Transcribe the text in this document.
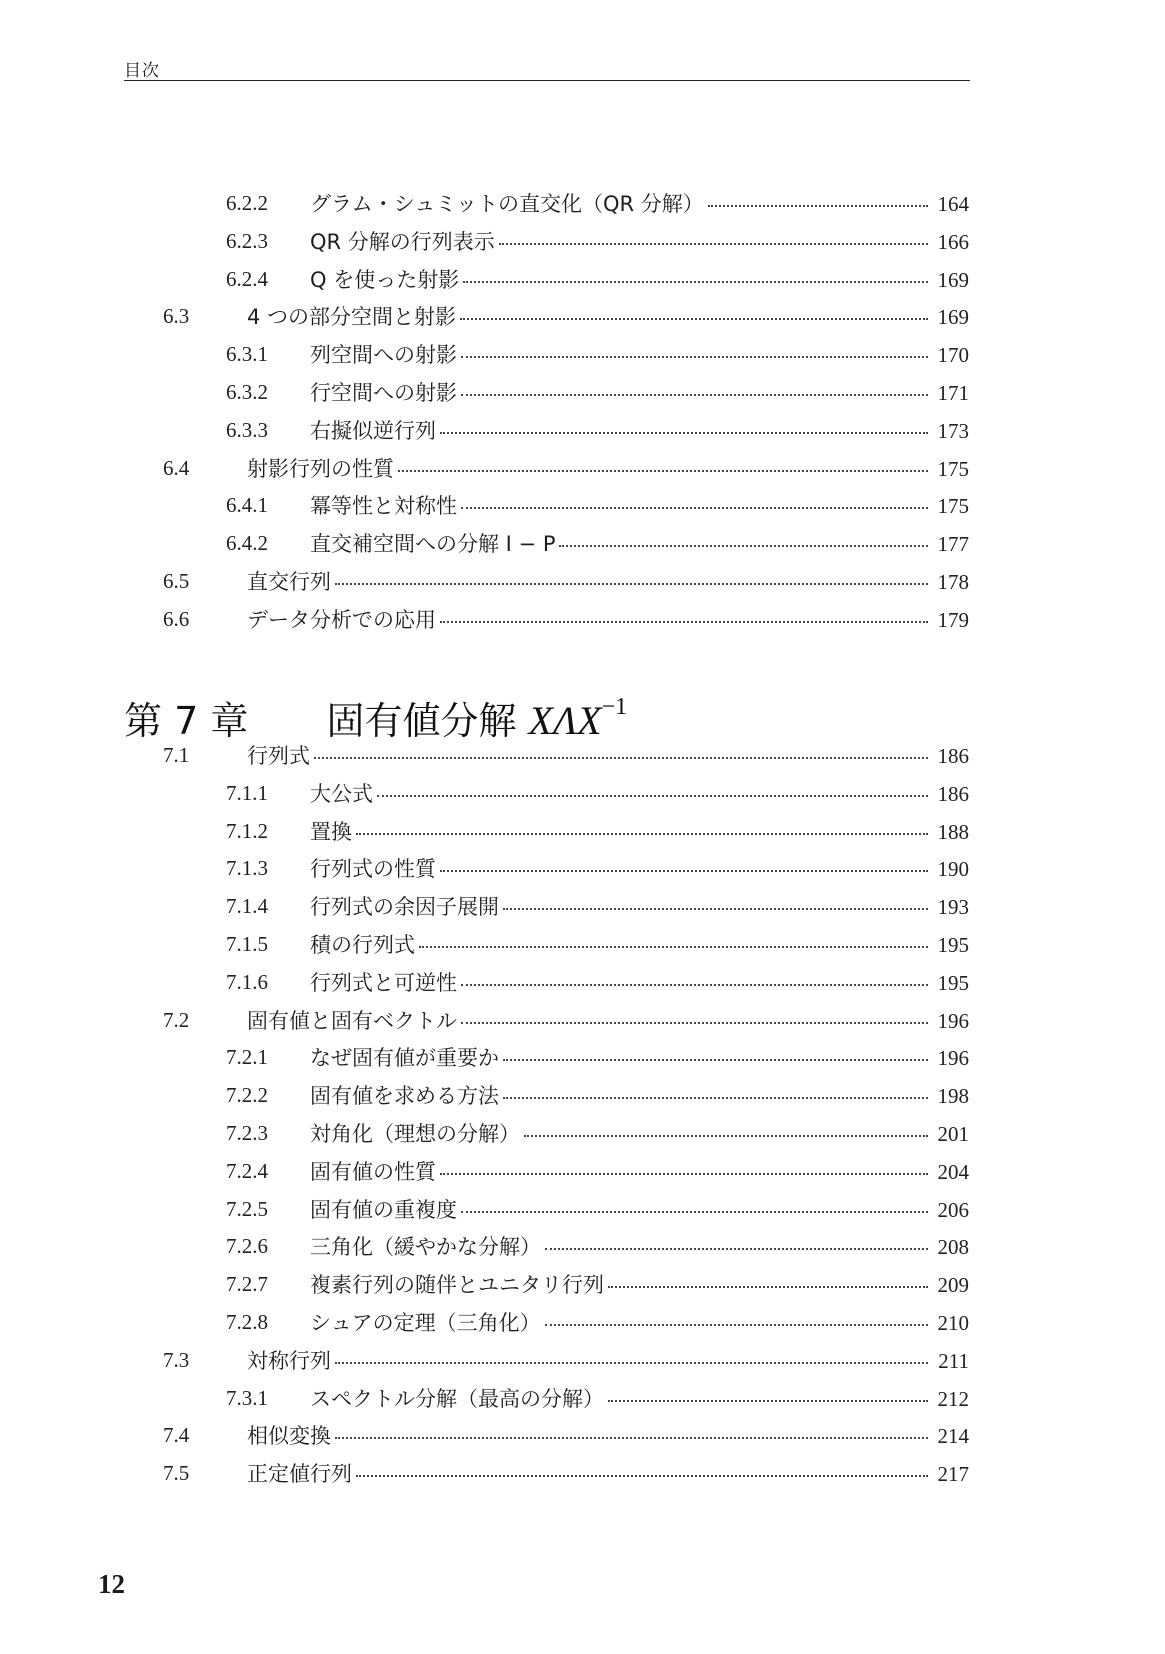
目次
6.2.2 グラム・シュミットの直交化（QR 分解）	164
6.2.3 QR 分解の行列表示	166
6.2.4 Q を使った射影	169
6.3	4 つの部分空間と射影	169
6.3.1 列空間への射影	170
6.3.2 行空間への射影	171
6.3.3 右擬似逆行列	173
6.4	射影行列の性質	175
6.4.1 冪等性と対称性	175
6.4.2 直交補空間への分解 I − P	177
6.5	直交行列	178
6.6	データ分析での応用	179
第 7 章 固有値分解 $X\Lambda X^{-1}$
7.1	行列式	186
7.1.1 大公式	186
7.1.2 置換	188
7.1.3 行列式の性質	190
7.1.4 行列式の余因子展開	193
7.1.5 積の行列式	195
7.1.6 行列式と可逆性	195
7.2	固有値と固有ベクトル	196
7.2.1 なぜ固有値が重要か	196
7.2.2 固有値を求める方法	198
7.2.3 対角化（理想の分解）	201
7.2.4 固有値の性質	204
7.2.5 固有値の重複度	206
7.2.6 三角化（緩やかな分解）	208
7.2.7 複素行列の随伴とユニタリ行列	209
7.2.8 シュアの定理（三角化）	210
7.3	対称行列	211
7.3.1 スペクトル分解（最高の分解）	212
7.4	相似変換	214
7.5	正定値行列	217
12
